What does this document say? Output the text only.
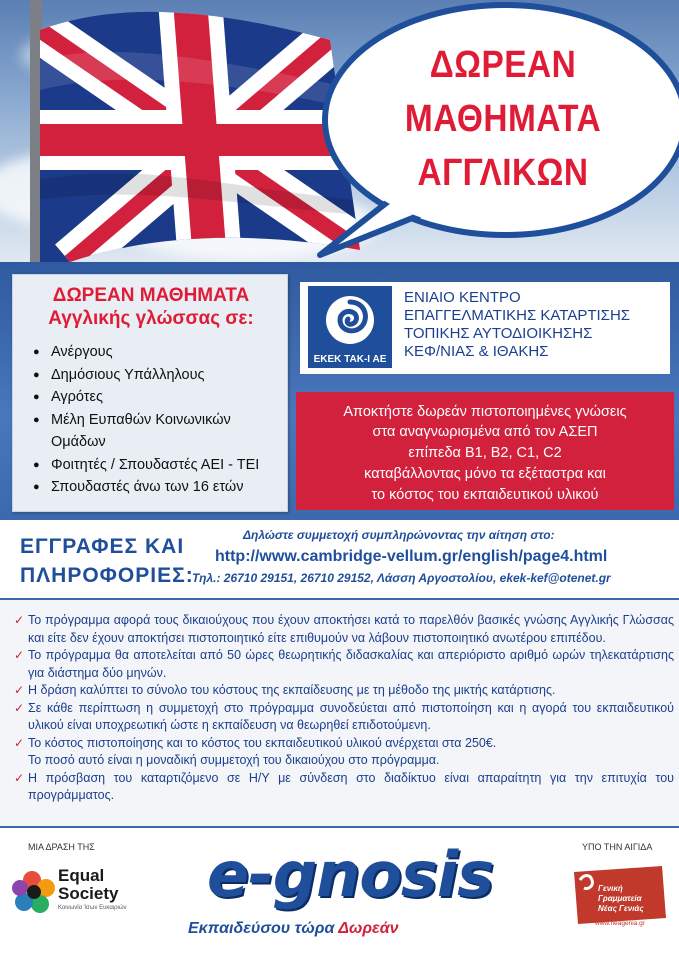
ΔΩΡΕΑΝ
ΜΑΘΗΜΑΤΑ
ΑΓΓΛΙΚΩΝ
ΔΩΡΕΑΝ ΜΑΘΗΜΑΤΑ
Αγγλικής γλώσσας σε:
● Ανέργους
● Δημόσιους Υπάλληλους
● Αγρότες
● Μέλη Ευπαθών Κοινωνικών
Ομάδων
● Φοιτητές / Σπουδαστές ΑΕΙ - ΤΕΙ
● Σπουδαστές άνω των 16 ετών
ΕΚΕΚ ΤΑΚ-Ι ΑΕ
ΕΝΙΑΙΟ ΚΕΝΤΡΟ
ΕΠΑΓΓΕΛΜΑΤΙΚΗΣ ΚΑΤΑΡΤΙΣΗΣ
ΤΟΠΙΚΗΣ ΑΥΤΟΔΙΟΙΚΗΣΗΣ
ΚΕΦ/ΝΙΑΣ & ΙΘΑΚΗΣ
Αποκτήστε δωρεάν πιστοποιημένες γνώσεις
στα αναγνωρισμένα από τον ΑΣΕΠ
επίπεδα B1, B2, C1, C2
καταβάλλοντας μόνο τα εξέταστρα και
το κόστος του εκπαιδευτικού υλικού
ΕΓΓΡΑΦΕΣ ΚΑΙ
ΠΛΗΡΟΦΟΡΙΕΣ:
Δηλώστε συμμετοχή συμπληρώνοντας την αίτηση στο:
http://www.cambridge-vellum.gr/english/page4.html
Τηλ.: 26710 29151, 26710 29152, Λάσση Αργοστολίου, ekek-kef@otenet.gr
✓ Το πρόγραμμα αφορά τους δικαιούχους που έχουν αποκτήσει κατά το παρελθόν βασικές γνώσης Αγγλικής Γλώσσας και είτε δεν έχουν αποκτήσει πιστοποιητικό είτε επιθυμούν να λάβουν πιστοποιητικό ανωτέρου επιπέδου.
✓ Το πρόγραμμα θα αποτελείται από 50 ώρες θεωρητικής διδασκαλίας και απεριόριστο αριθμό ωρών τηλεκατάρτισης για διάστημα δύο μηνών.
✓ Η δράση καλύπτει το σύνολο του κόστους της εκπαίδευσης με τη μέθοδο της μικτής κατάρτισης.
✓ Σε κάθε περίπτωση η συμμετοχή στο πρόγραμμα συνοδεύεται από πιστοποίηση και η αγορά του εκπαιδευτικού υλικού είναι υποχρεωτική ώστε η εκπαίδευση να θεωρηθεί επιδοτούμενη.
✓ Το κόστος πιστοποίησης και το κόστος του εκπαιδευτικού υλικού ανέρχεται στα 250€.
Το ποσό αυτό είναι η μοναδική συμμετοχή του δικαιούχου στο πρόγραμμα.
✓ Η πρόσβαση του καταρτιζόμενο σε Η/Υ με σύνδεση στο διαδίκτυο είναι απαραίτητη για την επιτυχία του προγράμματος.
ΜΙΑ ΔΡΑΣΗ ΤΗΣ
Equal
Society
Κοινωνία Ίσων Ευκαιριών e-gnosis
Εκπαιδεύσου τώρα Δωρεάν
ΥΠΟ ΤΗΝ ΑΙΓΙΔΑ
Γενική
Γραμματεία
Νέας Γενιάς
www.neagenia.gr
